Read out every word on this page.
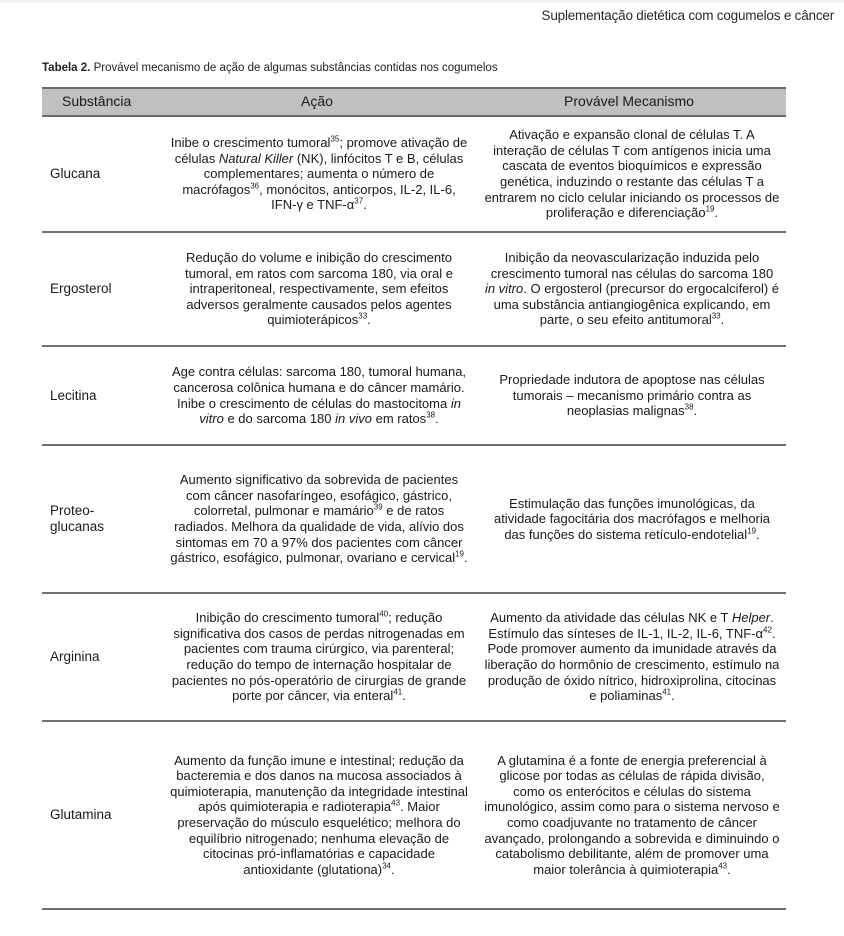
Suplementação dietética com cogumelos e câncer
Tabela 2. Provável mecanismo de ação de algumas substâncias contidas nos cogumelos
Substância	Ação	Provável Mecanismo
Glucana	Inibe o crescimento tumoral$^{35}$; promove ativação de células Natural Killer (NK), linfócitos T e B, células complementares; aumenta o número de macrófagos$^{36}$, monócitos, anticorpos, IL-2, IL-6, IFN-γ e TNF-$\alpha^{37}$.	Ativação e expansão clonal de células T. A interação de células T com antígenos inicia uma cascata de eventos bioquímicos e expressão genética, induzindo o restante das células T a entrarem no ciclo celular iniciando os processos de proliferação e diferenciação$^{19}$.
Ergosterol	Redução do volume e inibição do crescimento tumoral, em ratos com sarcoma 180, via oral e intraperitoneal, respectivamente, sem efeitos adversos geralmente causados pelos agentes quimioterápicos$^{33}$.	Inibição da neovascularização induzida pelo crescimento tumoral nas células do sarcoma 180 in vitro. O ergosterol (precursor do ergocalciferol) é uma substância antiangiogênica explicando, em parte, o seu efeito antitumoral$^{33}$.
Lecitina	Age contra células: sarcoma 180, tumoral humana, cancerosa colônica humana e do câncer mamário. Inibe o crescimento de células do mastocitoma in vitro e do sarcoma 180 in vivo em ratos$^{38}$.	Propriedade indutora de apoptose nas células tumorais – mecanismo primário contra as neoplasias malignas$^{38}$.
Proteo-
glucanas	Aumento significativo da sobrevida de pacientes com câncer nasofaríngeo, esofágico, gástrico, colorretal, pulmonar e mamário$^{39}$ e de ratos radiados. Melhora da qualidade de vida, alívio dos sintomas em 70 a 97% dos pacientes com câncer gástrico, esofágico, pulmonar, ovariano e cervical$^{19}$.	Estimulação das funções imunológicas, da atividade fagocitária dos macrófagos e melhoria das funções do sistema retículo-endotelial$^{19}$.
Arginina	Inibição do crescimento tumoral$^{40}$; redução significativa dos casos de perdas nitrogenadas em pacientes com trauma cirúrgico, via parenteral; redução do tempo de internação hospitalar de pacientes no pós-operatório de cirurgias de grande porte por câncer, via enteral$^{41}$.	Aumento da atividade das células NK e T Helper. Estímulo das sínteses de IL-1, IL-2, IL-6, TNF-$\alpha^{42}$. Pode promover aumento da imunidade através da liberação do hormônio de crescimento, estímulo na produção de óxido nítrico, hidroxiprolina, citocinas e poliaminas$^{41}$.
Glutamina	Aumento da função imune e intestinal; redução da bacteremia e dos danos na mucosa associados à quimioterapia, manutenção da integridade intestinal após quimioterapia e radioterapia$^{43}$. Maior preservação do músculo esquelético; melhora do equilíbrio nitrogenado; nenhuma elevação de citocinas pró-inflamatórias e capacidade antioxidante (glutationa)$^{34}$.	A glutamina é a fonte de energia preferencial à glicose por todas as células de rápida divisão, como os enterócitos e células do sistema imunológico, assim como para o sistema nervoso e como coadjuvante no tratamento de câncer avançado, prolongando a sobrevida e diminuindo o catabolismo debilitante, além de promover uma maior tolerância à quimioterapia$^{43}$.
